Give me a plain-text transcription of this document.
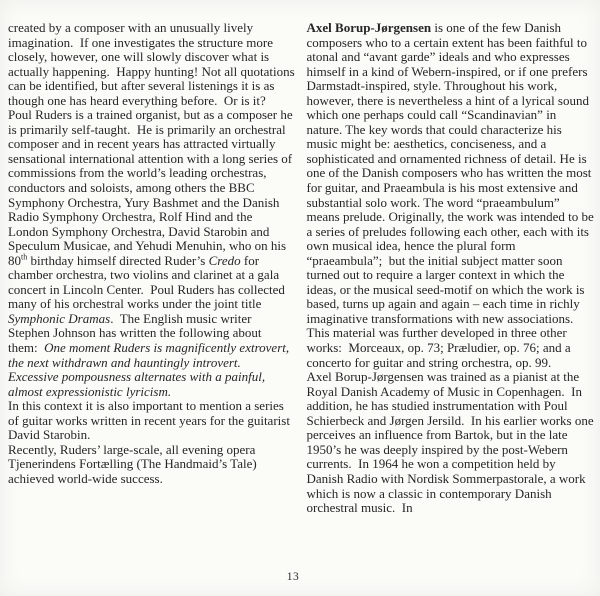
created by a composer with an unusually lively imagination.  If one investigates the structure more closely, however, one will slowly discover what is actually happening.  Happy hunting! Not all quotations can be identified, but after several listenings it is as though one has heard everything before.  Or is it?

Poul Ruders is a trained organist, but as a composer he is primarily self-taught.  He is primarily an orchestral composer and in recent years has attracted virtually sensational international attention with a long series of commissions from the world’s leading orchestras, conductors and soloists, among others the BBC Symphony Orchestra, Yury Bashmet and the Danish Radio Symphony Orchestra, Rolf Hind and the London Symphony Orchestra, David Starobin and Speculum Musicae, and Yehudi Menuhin, who on his 80th birthday himself directed Ruder’s Credo for chamber orchestra, two violins and clarinet at a gala concert in Lincoln Center.  Poul Ruders has collected many of his orchestral works under the joint title Symphonic Dramas.  The English music writer Stephen Johnson has written the following about them:  One moment Ruders is magnificently extrovert, the next withdrawn and hauntingly introvert.  Excessive pompousness alternates with a painful, almost expressionistic lyricism.

In this context it is also important to mention a series of guitar works written in recent years for the guitarist David Starobin.

Recently, Ruders’ large-scale, all evening opera Tjenerindens Fortælling (The Handmaid’s Tale) achieved world-wide success.

Axel Borup-Jørgensen is one of the few Danish composers who to a certain extent has been faithful to atonal and “avant garde” ideals and who expresses himself in a kind of Webern-inspired, or if one prefers Darmstadt-inspired, style. Throughout his work, however, there is nevertheless a hint of a lyrical sound which one perhaps could call “Scandinavian” in nature. The key words that could characterize his music might be: aesthetics, conciseness, and a sophisticated and ornamented richness of detail. He is one of the Danish composers who has written the most for guitar, and Praeambula is his most extensive and substantial solo work. The word “praeambulum” means prelude. Originally, the work was intended to be a series of preludes following each other, each with its own musical idea, hence the plural form “praeambula”;  but the initial subject matter soon turned out to require a larger context in which the ideas, or the musical seed-motif on which the work is based, turns up again and again – each time in richly imaginative transformations with new associations.  This material was further developed in three other works:  Morceaux, op. 73; Præludier, op. 76; and a concerto for guitar and string orchestra, op. 99.

Axel Borup-Jørgensen was trained as a pianist at the Royal Danish Academy of Music in Copenhagen.  In addition, he has studied instrumentation with Poul Schierbeck and Jørgen Jersild.  In his earlier works one perceives an influence from Bartok, but in the late 1950’s he was deeply inspired by the post-Webern currents.  In 1964 he won a competition held by Danish Radio with Nordisk Sommerpastorale, a work which is now a classic in contemporary Danish orchestral music.  In

13
